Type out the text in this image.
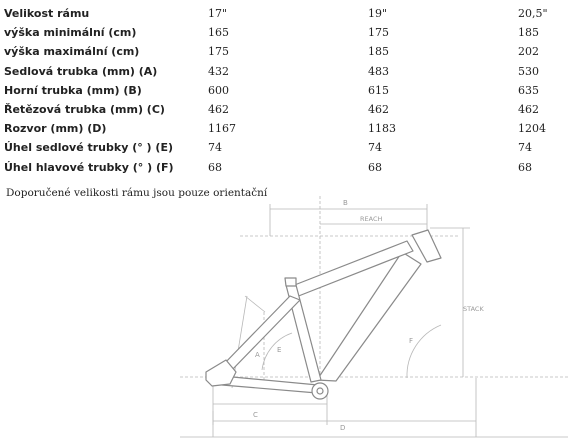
Velikost rámu	17"	19"	20,5"
výška minimální (cm)	165	175	185
výška maximální (cm)	175	185	202
Sedlová trubka (mm) (A)	432	483	530
Horní trubka (mm) (B)	600	615	635
Řetězová trubka (mm) (C)	462	462	462
Rozvor (mm) (D)	1167	1183	1204
Úhel sedlové trubky (° ) (E)	74	74	74
Úhel hlavové trubky (° ) (F)	68	68	68
Doporučené velikosti rámu jsou pouze orientační
B
REACH
STACK
A
E
F
C
D
